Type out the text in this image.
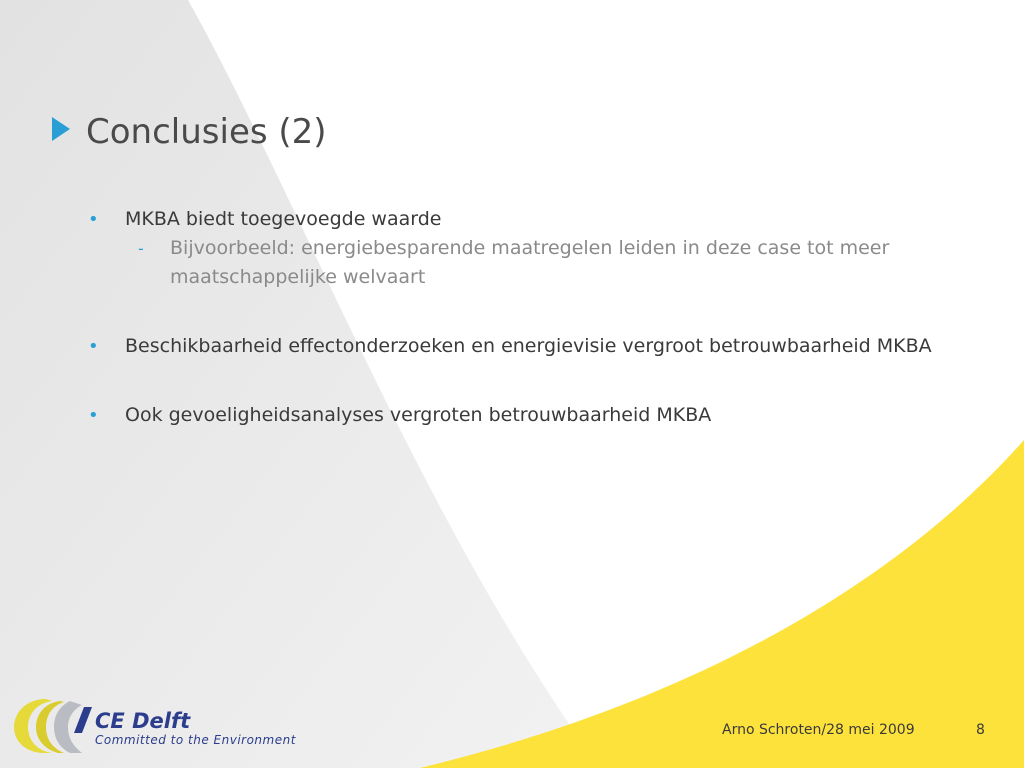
Conclusies (2)
• MKBA biedt toegevoegde waarde
- Bijvoorbeeld: energiebesparende maatregelen leiden in deze case tot meer maatschappelijke welvaart
• Beschikbaarheid effectonderzoeken en energievisie vergroot betrouwbaarheid MKBA
• Ook gevoeligheidsanalyses vergroten betrouwbaarheid MKBA
CE Delft
Committed to the Environment
Arno Schroten/28 mei 2009	8
